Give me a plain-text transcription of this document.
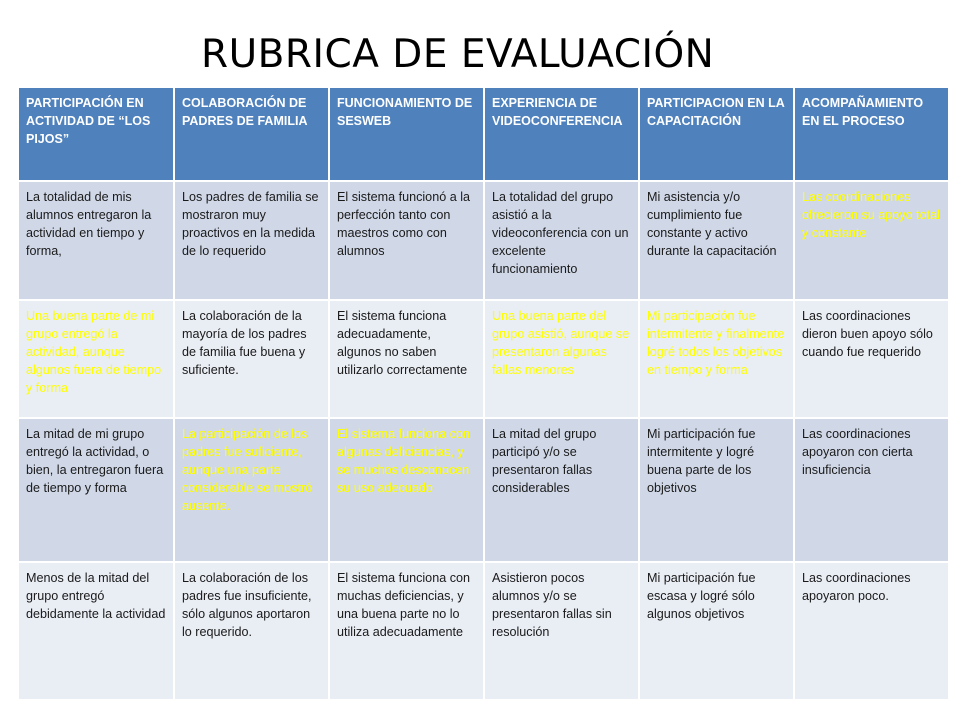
RUBRICA DE EVALUACIÓN
PARTICIPACIÓN EN ACTIVIDAD DE “LOS PIJOS”	COLABORACIÓN DE PADRES DE FAMILIA	FUNCIONAMIENTO DE SESWEB	EXPERIENCIA DE VIDEOCONFERENCIA	PARTICIPACION EN LA CAPACITACIÓN	ACOMPAÑAMIENTO EN EL PROCESO
La totalidad de mis alumnos entregaron la actividad en tiempo y forma,	Los padres de familia se mostraron muy proactivos en la medida de lo requerido	El sistema funcionó a la perfección tanto con maestros como con alumnos	La totalidad del grupo asistió a la videoconferencia con un excelente funcionamiento	Mi asistencia y/o cumplimiento fue constante y activo durante la capacitación	Las coordinaciones ofrecieron su apoyo total y constante
Una buena parte de mi grupo entregó la actividad, aunque algunos fuera de tiempo y forma	La colaboración de la mayoría de los padres de familia fue buena y suficiente.	El sistema funciona adecuadamente, algunos no saben utilizarlo correctamente	Una buena parte del grupo asistió, aunque se presentaron algunas fallas menores	Mi participación fue intermitente y finalmente logré todos los objetivos en tiempo y forma	Las coordinaciones dieron buen apoyo sólo cuando fue requerido
La mitad de mi grupo entregó la actividad, o bien, la entregaron fuera de tiempo y forma	La participación de los padres fue suficiente, aunque una parte considerable se mostró ausente.	El sistema funciona con algunas deficiencias, y se muchos desconocen su uso adecuado	La mitad del grupo participó y/o se presentaron fallas considerables	Mi participación fue intermitente y logré buena parte de los objetivos	Las coordinaciones apoyaron con cierta insuficiencia
Menos de la mitad del grupo entregó debidamente la actividad	La colaboración de los padres fue insuficiente, sólo algunos aportaron lo requerido.	El sistema funciona con muchas deficiencias, y una buena parte no lo utiliza adecuadamente	Asistieron pocos alumnos y/o se presentaron fallas sin resolución	Mi participación fue escasa y logré sólo algunos objetivos	Las coordinaciones apoyaron poco.
